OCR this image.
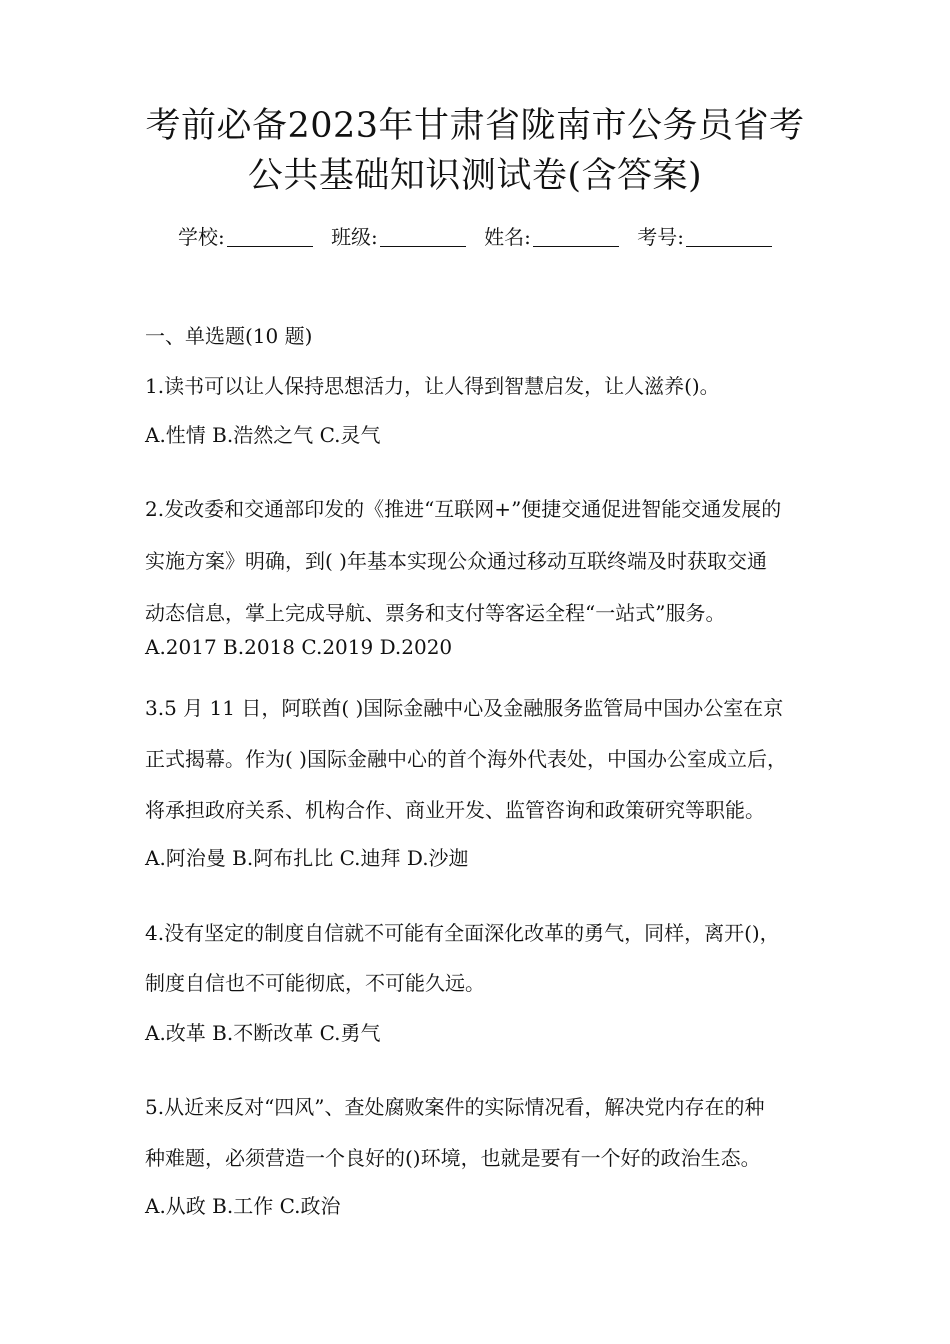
考前必备2023年甘肃省陇南市公务员省考
公共基础知识测试卷(含答案)
学校:	班级:	姓名:	考号:
一、单选题(10 题)
1.读书可以让人保持思想活力，让人得到智慧启发，让人滋养()。
A.性情 B.浩然之气 C.灵气
2.发改委和交通部印发的《推进“互联网+”便捷交通促进智能交通发展的
实施方案》明确，到( )年基本实现公众通过移动互联终端及时获取交通
动态信息，掌上完成导航、票务和支付等客运全程“一站式”服务。
A.2017 B.2018 C.2019 D.2020
3.5 月 11 日，阿联酋( )国际金融中心及金融服务监管局中国办公室在京
正式揭幕。作为( )国际金融中心的首个海外代表处，中国办公室成立后，
将承担政府关系、机构合作、商业开发、监管咨询和政策研究等职能。
A.阿治曼 B.阿布扎比 C.迪拜 D.沙迦
4.没有坚定的制度自信就不可能有全面深化改革的勇气，同样，离开()，
制度自信也不可能彻底，不可能久远。
A.改革 B.不断改革 C.勇气
5.从近来反对“四风”、查处腐败案件的实际情况看，解决党内存在的种
种难题，必须营造一个良好的()环境，也就是要有一个好的政治生态。
A.从政 B.工作 C.政治
